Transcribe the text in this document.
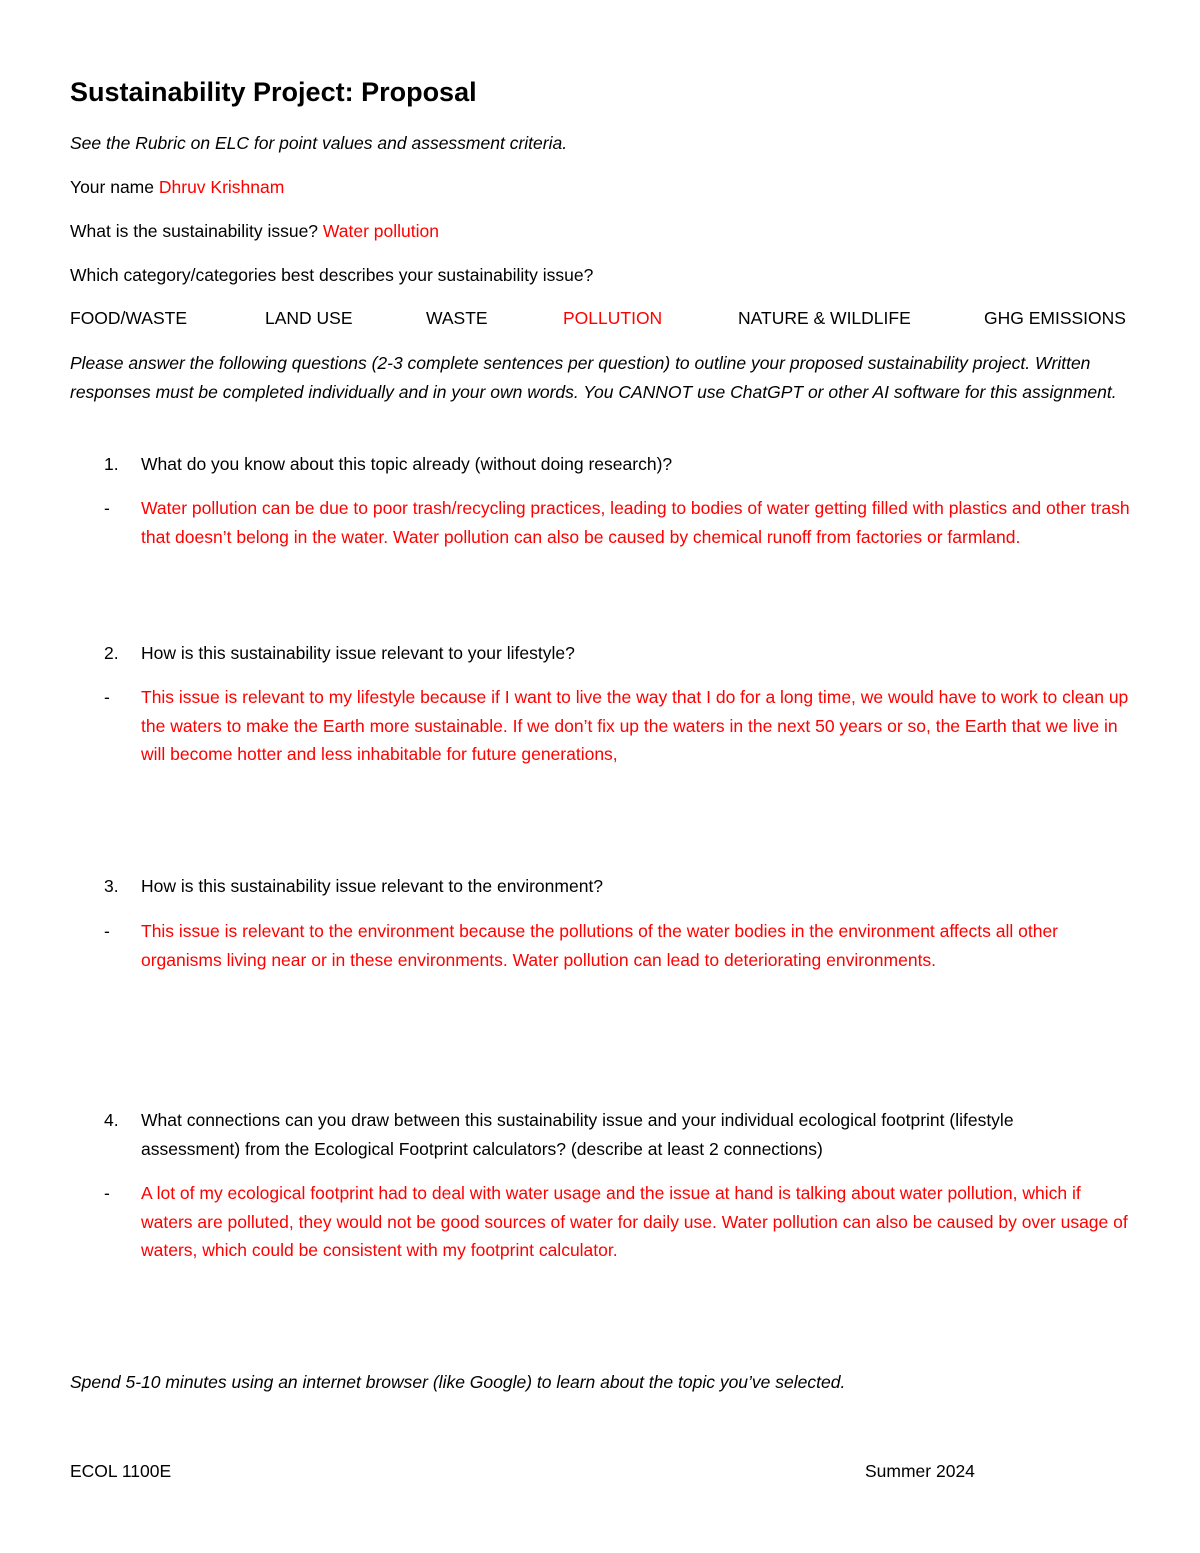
Sustainability Project: Proposal
See the Rubric on ELC for point values and assessment criteria.
Your name Dhruv Krishnam
What is the sustainability issue? Water pollution
Which category/categories best describes your sustainability issue?
FOOD/WASTE	LAND USE	WASTE	POLLUTION	NATURE & WILDLIFE	GHG EMISSIONS
Please answer the following questions (2-3 complete sentences per question) to outline your proposed sustainability project. Written responses must be completed individually and in your own words. You CANNOT use ChatGPT or other AI software for this assignment.
1. What do you know about this topic already (without doing research)?
- Water pollution can be due to poor trash/recycling practices, leading to bodies of water getting filled with plastics and other trash that doesn’t belong in the water. Water pollution can also be caused by chemical runoff from factories or farmland.
2. How is this sustainability issue relevant to your lifestyle?
- This issue is relevant to my lifestyle because if I want to live the way that I do for a long time, we would have to work to clean up the waters to make the Earth more sustainable. If we don’t fix up the waters in the next 50 years or so, the Earth that we live in will become hotter and less inhabitable for future generations,
3. How is this sustainability issue relevant to the environment?
- This issue is relevant to the environment because the pollutions of the water bodies in the environment affects all other organisms living near or in these environments. Water pollution can lead to deteriorating environments.
4. What connections can you draw between this sustainability issue and your individual ecological footprint (lifestyle assessment) from the Ecological Footprint calculators? (describe at least 2 connections)
- A lot of my ecological footprint had to deal with water usage and the issue at hand is talking about water pollution, which if waters are polluted, they would not be good sources of water for daily use. Water pollution can also be caused by over usage of waters, which could be consistent with my footprint calculator.
Spend 5-10 minutes using an internet browser (like Google) to learn about the topic you’ve selected.
ECOL 1100E	Summer 2024
